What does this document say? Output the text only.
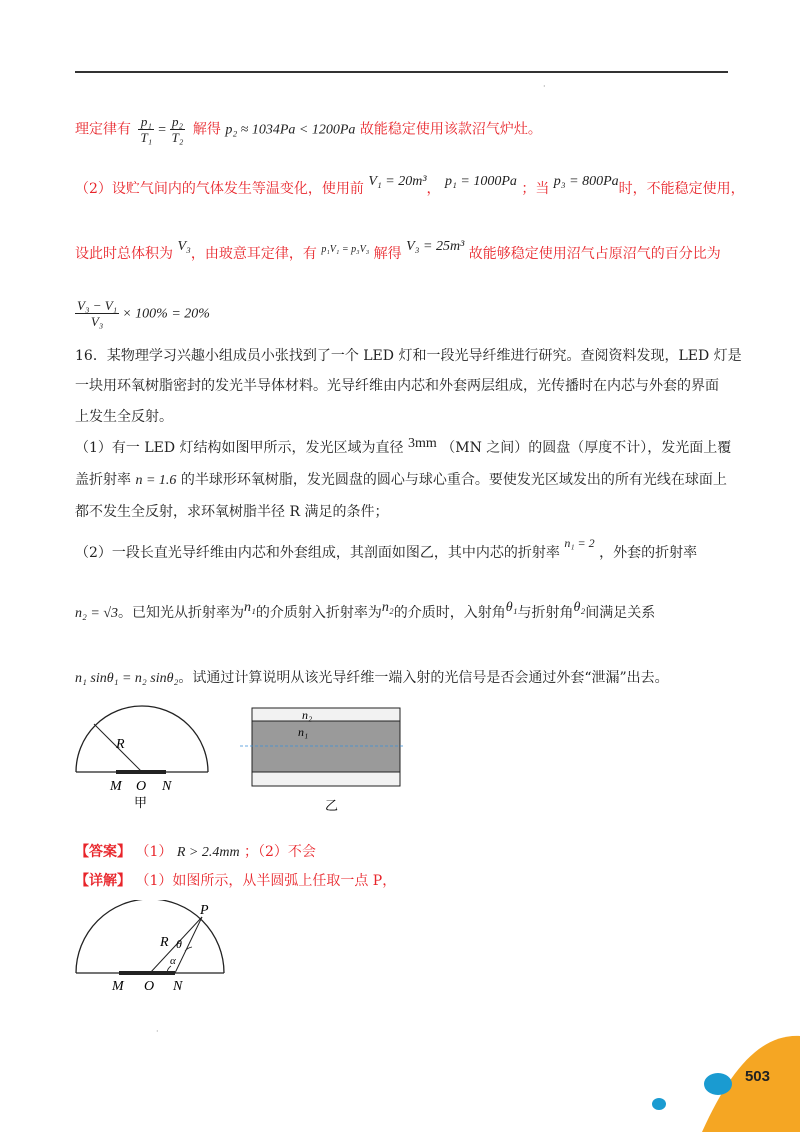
·
理定律有 $\frac{\text{p₁}}{\text{T₁}} = \frac{\text{p₂}}{\text{T₂}}$ 解得 p₂ ≈ 1034Pa < 1200Pa 故能稳定使用该款沼气炉灶。
（2）设贮气间内的气体发生等温变化，使用前 V₁ = 20m³， p₁ = 1000Pa ；当 p₃ = 800Pa时，不能稳定使用，
设此时总体积为 V₃，由玻意耳定律，有 $^{p_1V_1 = p_3V_3}$ 解得 V₃ = 25m³ 故能够稳定使用沼气占原沼气的百分比为
$\frac{\text{V₃ − V₁}}{\text{V₃}} \times 100\% = 20\%$
16．某物理学习兴趣小组成员小张找到了一个 LED 灯和一段光导纤维进行研究。查阅资料发现，LED 灯是
一块用环氧树脂密封的发光半导体材料。光导纤维由内芯和外套两层组成，光传播时在内芯与外套的界面
上发生全反射。
（1）有一 LED 灯结构如图甲所示，发光区域为直径 3mm （MN 之间）的圆盘（厚度不计），发光面上覆
盖折射率 n = 1.6 的半球形环氧树脂，发光圆盘的圆心与球心重合。要使发光区域发出的所有光线在球面上
都不发生全反射，求环氧树脂半径 R 满足的条件；
（2）一段长直光导纤维由内芯和外套组成，其剖面如图乙，其中内芯的折射率 n₁ = 2 ，外套的折射率
n₂ = √3。已知光从折射率为n₁的介质射入折射率为n₂的介质时，入射角θ₁与折射角θ₂间满足关系
n₁ sinθ₁ = n₂ sinθ₂。试通过计算说明从该光导纤维一端入射的光信号是否会通过外套“泄漏”出去。
R
M O N
甲
n₂
n₁
乙
【答案】 （1） R > 2.4mm ；（2）不会
【详解】 （1）如图所示，从半圆弧上任取一点 P，
P
R θ
α
M O N
·
503
